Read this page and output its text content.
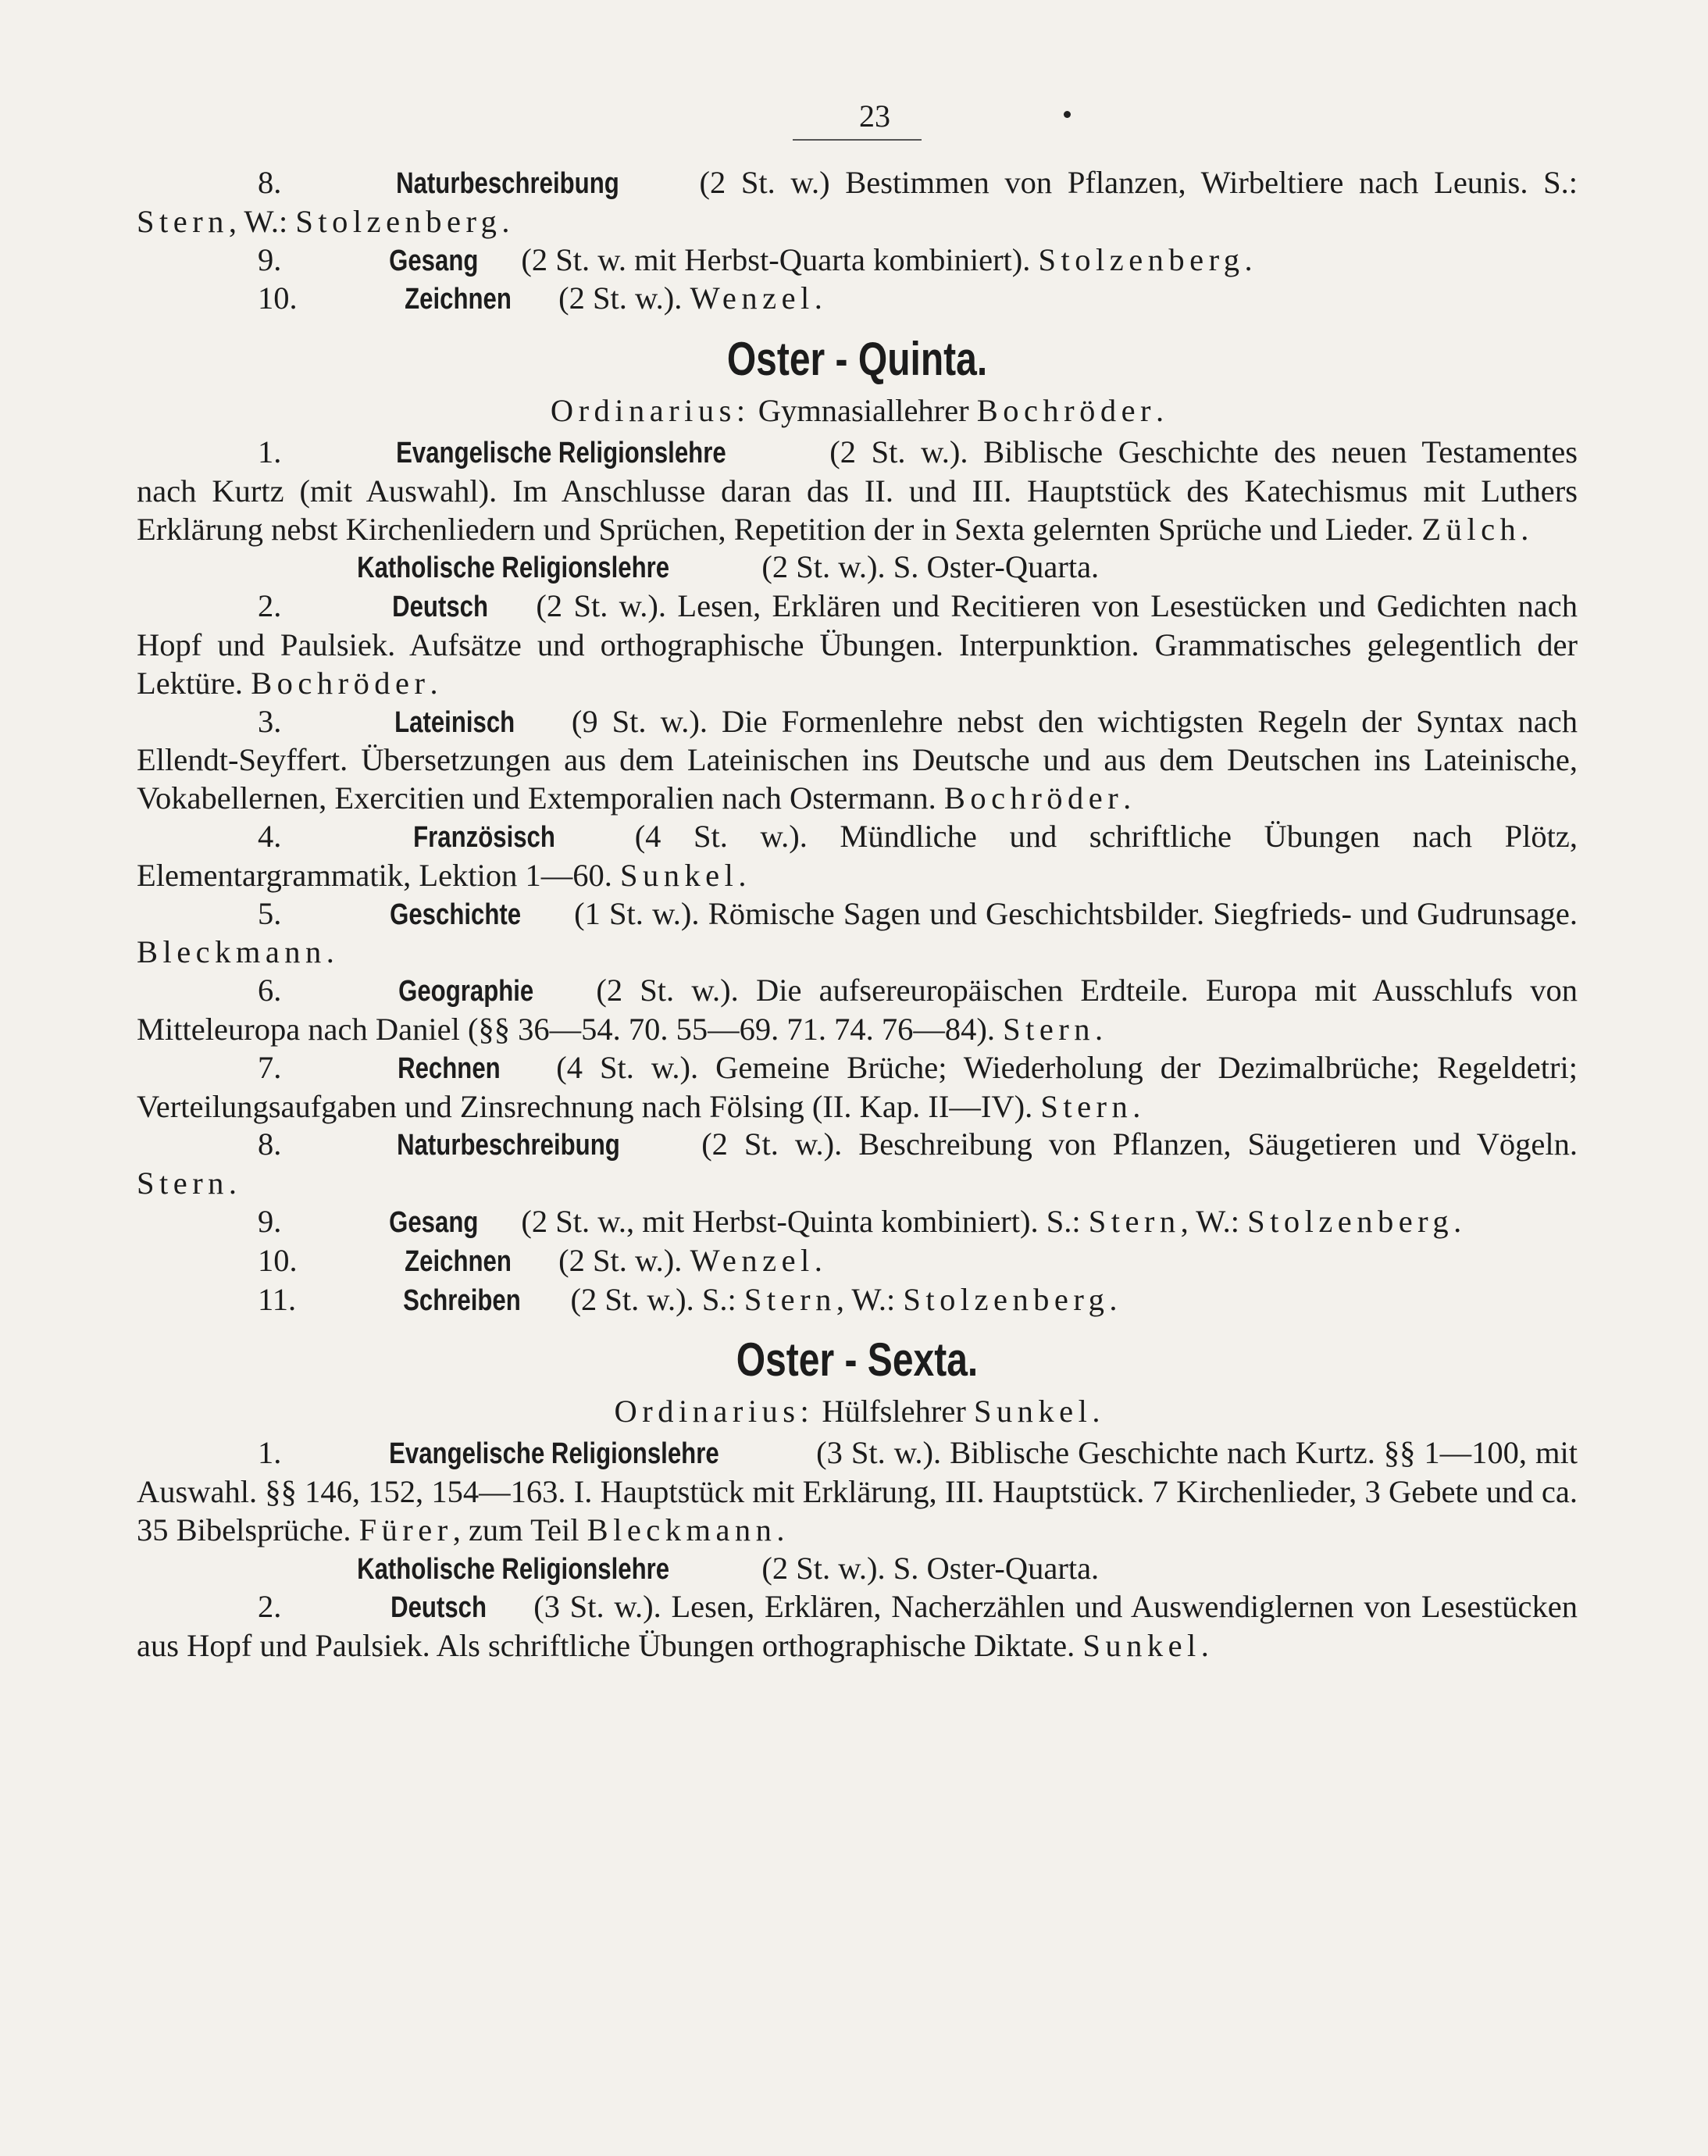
23

8.	Naturbeschreibung (2 St. w.) Bestimmen von Pflanzen, Wirbeltiere nach Leunis. S.: Stern, W.: Stolzenberg.

9.	Gesang (2 St. w. mit Herbst-Quarta kombiniert). Stolzenberg.

10.	Zeichnen (2 St. w.). Wenzel.

Oster - Quinta.
Ordinarius: Gymnasiallehrer Bochröder.

1.	Evangelische Religionslehre	(2 St. w.). Biblische Geschichte des neuen Testamentes nach Kurtz (mit Auswahl). Im Anschlusse daran das II. und III. Hauptstück des Katechismus mit Luthers Erklärung nebst Kirchenliedern und Sprüchen, Repetition der in Sexta gelernten Sprüche und Lieder. Zülch.

Katholische Religionslehre	(2 St. w.). S. Oster-Quarta.

2.	Deutsch (2 St. w.). Lesen, Erklären und Recitieren von Lesestücken und Gedichten nach Hopf und Paulsiek. Aufsätze und orthographische Übungen. Interpunktion. Grammatisches gelegentlich der Lektüre. Bochröder.

3.	Lateinisch (9 St. w.). Die Formenlehre nebst den wichtigsten Regeln der Syntax nach Ellendt-Seyffert. Übersetzungen aus dem Lateinischen ins Deutsche und aus dem Deutschen ins Lateinische, Vokabellernen, Exercitien und Extemporalien nach Ostermann. Bochröder.

4.	Französisch (4 St. w.). Mündliche und schriftliche Übungen nach Plötz, Elementargrammatik, Lektion 1—60. Sunkel.

5.	Geschichte (1 St. w.). Römische Sagen und Geschichtsbilder. Siegfrieds- und Gudrunsage. Bleckmann.

6.	Geographie (2 St. w.). Die aufsereuropäischen Erdteile. Europa mit Ausschlufs von Mitteleuropa nach Daniel (§§ 36—54. 70. 55—69. 71. 74. 76—84). Stern.

7.	Rechnen (4 St. w.). Gemeine Brüche; Wiederholung der Dezimalbrüche; Regeldetri; Verteilungsaufgaben und Zinsrechnung nach Fölsing (II. Kap. II—IV). Stern.

8.	Naturbeschreibung (2 St. w.). Beschreibung von Pflanzen, Säugetieren und Vögeln. Stern.

9.	Gesang (2 St. w., mit Herbst-Quinta kombiniert). S.: Stern, W.: Stolzenberg.

10.	Zeichnen (2 St. w.). Wenzel.

11.	Schreiben (2 St. w.). S.: Stern, W.: Stolzenberg.

Oster - Sexta.
Ordinarius: Hülfslehrer Sunkel.

1.	Evangelische Religionslehre	(3 St. w.). Biblische Geschichte nach Kurtz. §§ 1—100, mit Auswahl. §§ 146, 152, 154—163. I. Hauptstück mit Erklärung, III. Hauptstück. 7 Kirchenlieder, 3 Gebete und ca. 35 Bibelsprüche. Fürer, zum Teil Bleckmann.

Katholische Religionslehre	(2 St. w.). S. Oster-Quarta.

2.	Deutsch (3 St. w.). Lesen, Erklären, Nacherzählen und Auswendiglernen von Lesestücken aus Hopf und Paulsiek. Als schriftliche Übungen orthographische Diktate. Sunkel.
